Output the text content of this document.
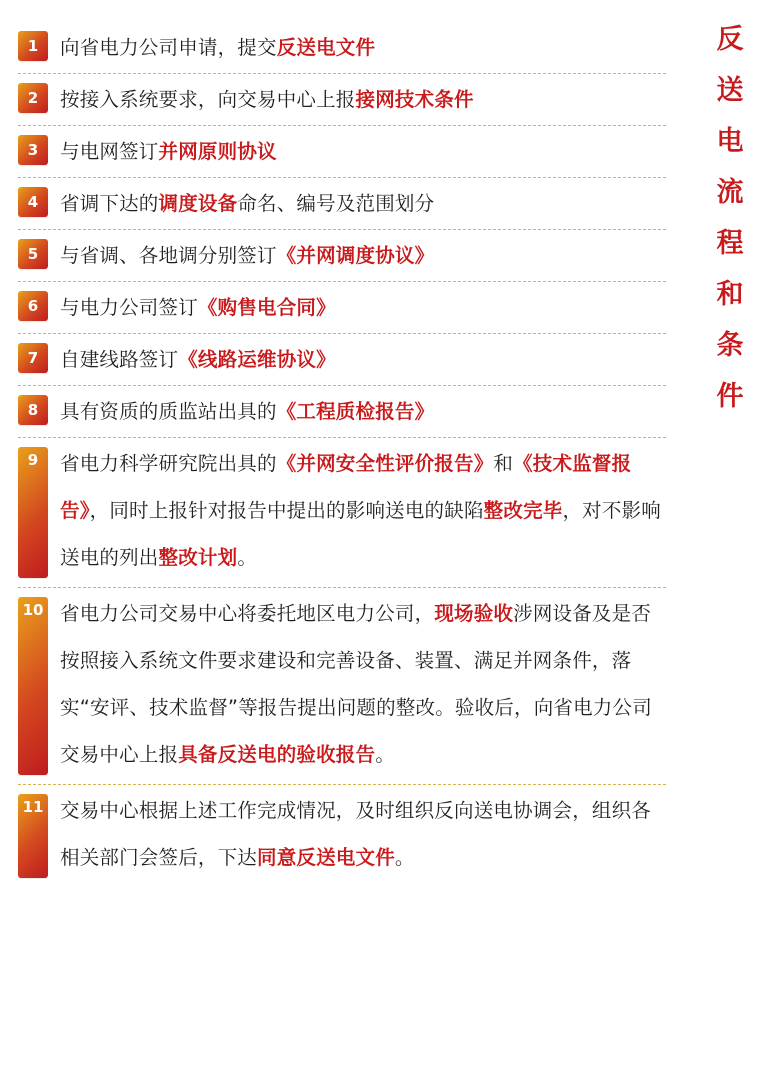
1	向省电力公司申请，提交反送电文件
2	按接入系统要求，向交易中心上报接网技术条件
3	与电网签订并网原则协议
4	省调下达的调度设备命名、编号及范围划分
5	与省调、各地调分别签订《并网调度协议》
6	与电力公司签订《购售电合同》
7	自建线路签订《线路运维协议》
8	具有资质的质监站出具的《工程质检报告》
9	省电力科学研究院出具的《并网安全性评价报告》和《技术监督报告》，同时上报针对报告中提出的影响送电的缺陷整改完毕，对不影响送电的列出整改计划。
10 省电力公司交易中心将委托地区电力公司，现场验收涉网设备及是否按照接入系统文件要求建设和完善设备、装置、满足并网条件，落实“安评、技术监督”等报告提出问题的整改。验收后，向省电力公司交易中心上报具备反送电的验收报告。
11 交易中心根据上述工作完成情况，及时组织反向送电协调会，组织各相关部门会签后，下达同意反送电文件。
反
送
电
流
程
和
条
件
